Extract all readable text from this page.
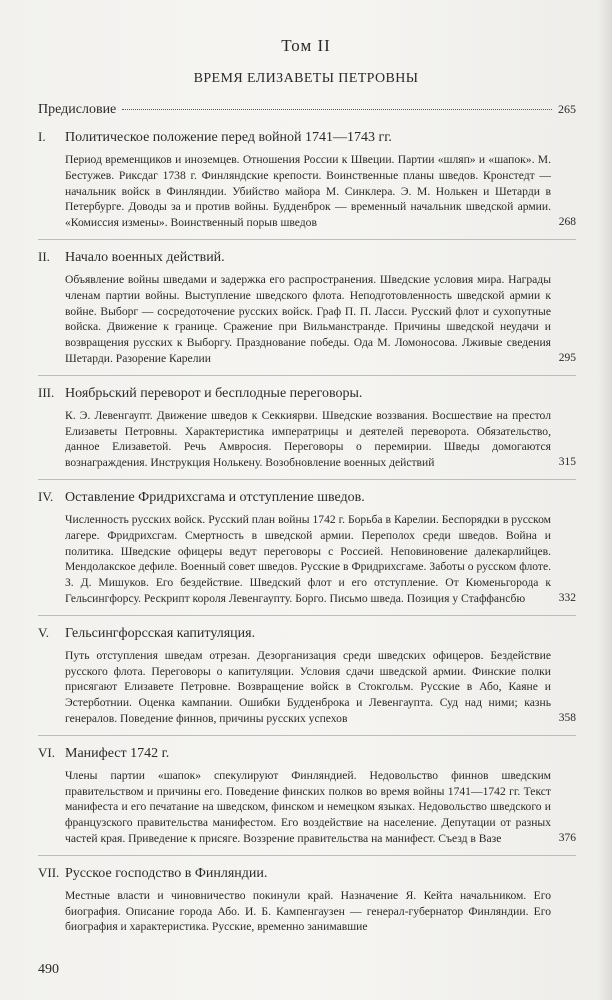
Том II
ВРЕМЯ ЕЛИЗАВЕТЫ ПЕТРОВНЫ
Предисловие	265
I.	Политическое положение перед войной 1741—1743 гг.
Период временщиков и иноземцев. Отношения России к Швеции. Партии «шляп» и «шапок». М. Бестужев. Риксдаг 1738 г. Финляндские крепости. Воинственные планы шведов. Кронстедт — начальник войск в Финляндии. Убийство майора М. Синклера. Э. М. Нолькен и Шетарди в Петербурге. Доводы за и против войны. Будденброк — временный начальник шведской армии. «Комиссия измены». Воинственный порыв шведов	268
II.	Начало военных действий.
Объявление войны шведами и задержка его распространения. Шведские условия мира. Награды членам партии войны. Выступление шведского флота. Неподготовленность шведской армии к войне. Выборг — сосредоточение русских войск. Граф П. П. Ласси. Русский флот и сухопутные войска. Движение к границе. Сражение при Вильманстранде. Причины шведской неудачи и возвращения русских к Выборгу. Празднование победы. Ода М. Ломоносова. Лживые сведения Шетарди. Разорение Карелии	295
III. Ноябрьский переворот и бесплодные переговоры.
К. Э. Левенгаупт. Движение шведов к Секкиярви. Шведские воззвания. Восшествие на престол Елизаветы Петровны. Характеристика императрицы и деятелей переворота. Обязательство, данное Елизаветой. Речь Амвросия. Переговоры о перемирии. Шведы домогаются вознаграждения. Инструкция Нолькену. Возобновление военных действий	315
IV. Оставление Фридрихсгама и отступление шведов.
Численность русских войск. Русский план войны 1742 г. Борьба в Карелии. Беспорядки в русском лагере. Фридрихсгам. Смертность в шведской армии. Переполох среди шведов. Война и политика. Шведские офицеры ведут переговоры с Россией. Неповиновение далекарлийцев. Мендолакское дефиле. Военный совет шведов. Русские в Фридрихсгаме. Заботы о русском флоте. З. Д. Мишуков. Его бездействие. Шведский флот и его отступление. От Кюменьгорода к Гельсингфорсу. Рескрипт короля Левенгаупту. Борго. Письмо шведа. Позиция у Стаффансбю	332
V.	Гельсингфорсская капитуляция.
Путь отступления шведам отрезан. Дезорганизация среди шведских офицеров. Бездействие русского флота. Переговоры о капитуляции. Условия сдачи шведской армии. Финские полки присягают Елизавете Петровне. Возвращение войск в Стокгольм. Русские в Або, Каяне и Эстерботнии. Оценка кампании. Ошибки Будденброка и Левенгаупта. Суд над ними; казнь генералов. Поведение финнов, причины русских успехов	358
VI. Манифест 1742 г.
Члены партии «шапок» спекулируют Финляндией. Недовольство финнов шведским правительством и причины его. Поведение финских полков во время войны 1741—1742 гг. Текст манифеста и его печатание на шведском, финском и немецком языках. Недовольство шведского и французского правительства манифестом. Его воздействие на население. Депутации от разных частей края. Приведение к присяге. Воззрение правительства на манифест. Съезд в Вазе	376
VII. Русское господство в Финляндии.
Местные власти и чиновничество покинули край. Назначение Я. Кейта начальником. Его биография. Описание города Або. И. Б. Кампенгаузен — генерал-губернатор Финляндии. Его биография и характеристика. Русские, временно занимавшие
490
